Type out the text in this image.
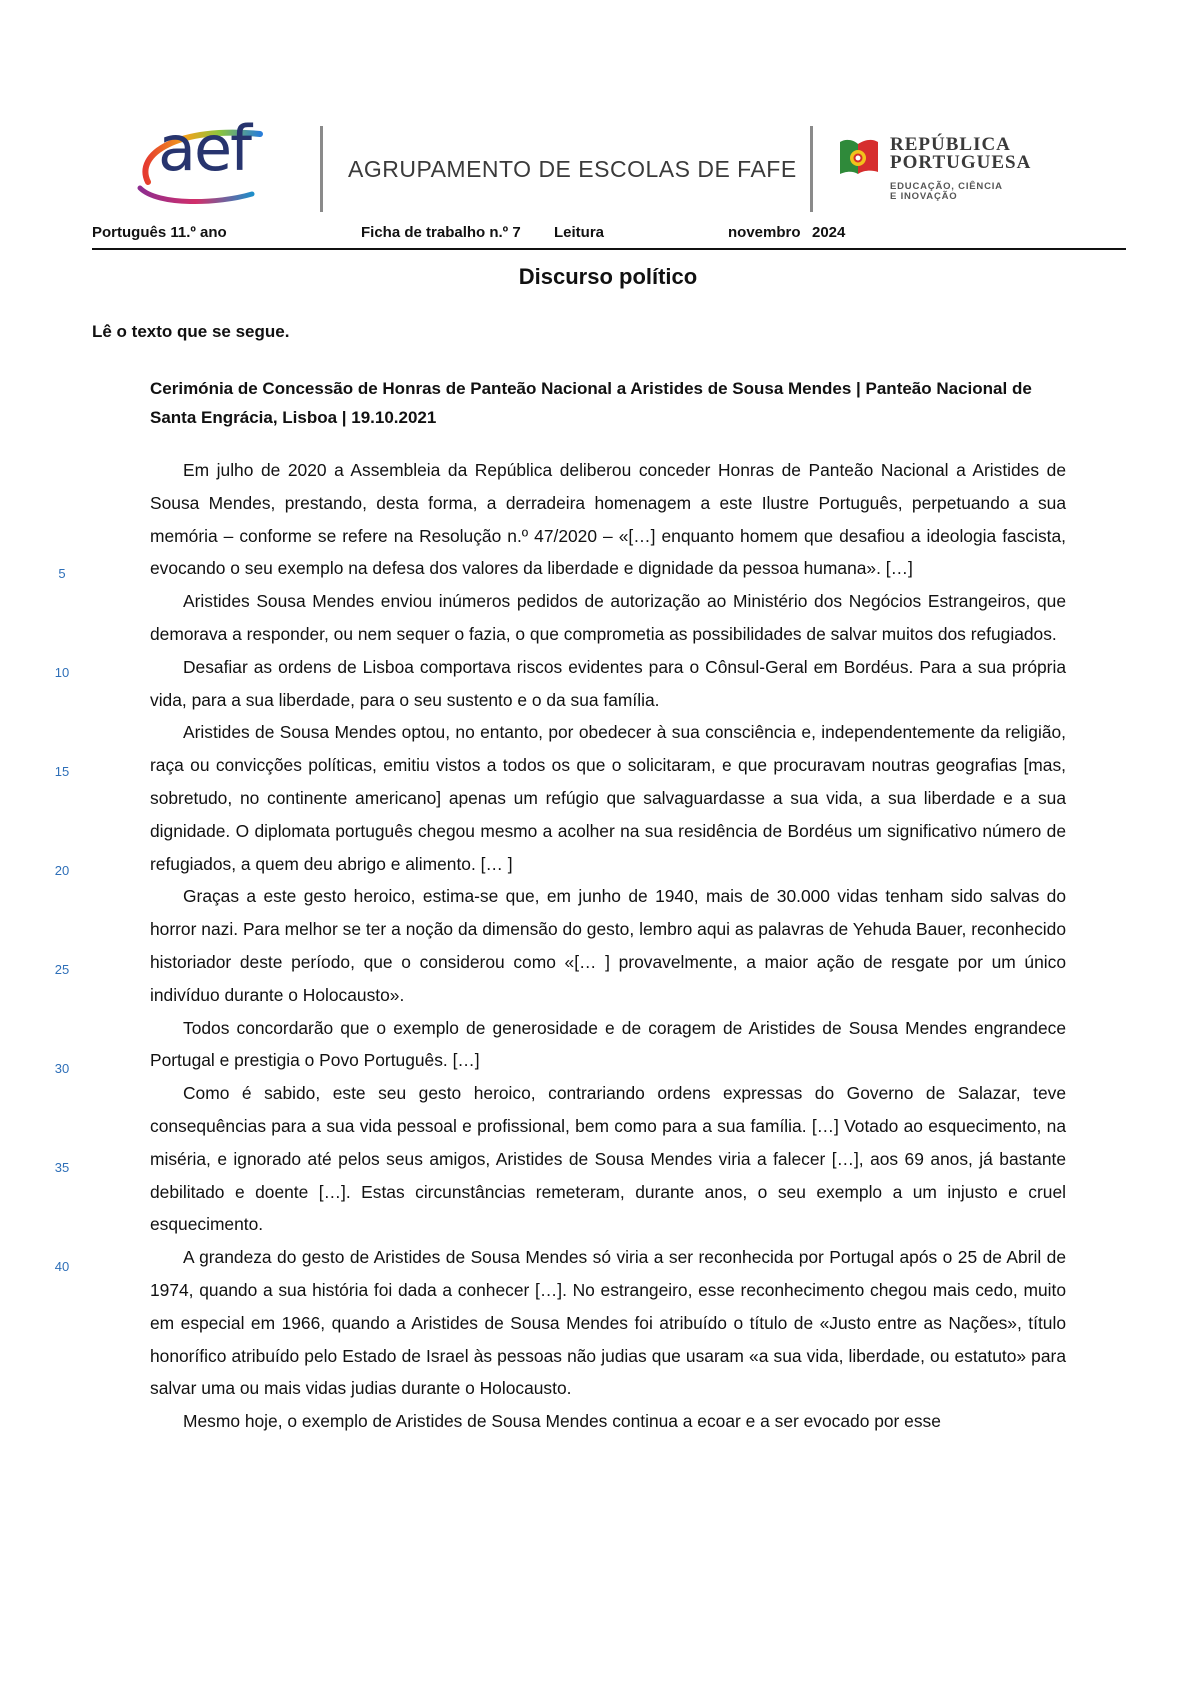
aef	AGRUPAMENTO DE ESCOLAS DE FAFE
REPÚBLICA
PORTUGUESA
EDUCAÇÃO, CIÊNCIA
E INOVAÇÃO
Português 11.º ano	Ficha de trabalho n.º 7 Leitura	novembro 2024
Discurso político
Lê o texto que se segue.
Cerimónia de Concessão de Honras de Panteão Nacional a Aristides de Sousa Mendes | Panteão Nacional de Santa Engrácia, Lisboa | 19.10.2021
5
10
15
20
25
30
35
40

Em julho de 2020 a Assembleia da República deliberou conceder Honras de Panteão Nacional a Aristides de Sousa Mendes, prestando, desta forma, a derradeira homenagem a este Ilustre Português, perpetuando a sua memória – conforme se refere na Resolução n.º 47/2020 – «[…] enquanto homem que desafiou a ideologia fascista, evocando o seu exemplo na defesa dos valores da liberdade e dignidade da pessoa humana». […]

Aristides Sousa Mendes enviou inúmeros pedidos de autorização ao Ministério dos Negócios Estrangeiros, que demorava a responder, ou nem sequer o fazia, o que comprometia as possibilidades de salvar muitos dos refugiados.

Desafiar as ordens de Lisboa comportava riscos evidentes para o Cônsul-Geral em Bordéus. Para a sua própria vida, para a sua liberdade, para o seu sustento e o da sua família.

Aristides de Sousa Mendes optou, no entanto, por obedecer à sua consciência e, independentemente da religião, raça ou convicções políticas, emitiu vistos a todos os que o solicitaram, e que procuravam noutras geografias [mas, sobretudo, no continente americano] apenas um refúgio que salvaguardasse a sua vida, a sua liberdade e a sua dignidade. O diplomata português chegou mesmo a acolher na sua residência de Bordéus um significativo número de refugiados, a quem deu abrigo e alimento. [… ]

Graças a este gesto heroico, estima-se que, em junho de 1940, mais de 30.000 vidas tenham sido salvas do horror nazi. Para melhor se ter a noção da dimensão do gesto, lembro aqui as palavras de Yehuda Bauer, reconhecido historiador deste período, que o considerou como «[… ] provavelmente, a maior ação de resgate por um único indivíduo durante o Holocausto».

Todos concordarão que o exemplo de generosidade e de coragem de Aristides de Sousa Mendes engrandece Portugal e prestigia o Povo Português. […]

Como é sabido, este seu gesto heroico, contrariando ordens expressas do Governo de Salazar, teve consequências para a sua vida pessoal e profissional, bem como para a sua família. […] Votado ao esquecimento, na miséria, e ignorado até pelos seus amigos, Aristides de Sousa Mendes viria a falecer […], aos 69 anos, já bastante debilitado e doente […]. Estas circunstâncias remeteram, durante anos, o seu exemplo a um injusto e cruel esquecimento.

A grandeza do gesto de Aristides de Sousa Mendes só viria a ser reconhecida por Portugal após o 25 de Abril de 1974, quando a sua história foi dada a conhecer […]. No estrangeiro, esse reconhecimento chegou mais cedo, muito em especial em 1966, quando a Aristides de Sousa Mendes foi atribuído o título de «Justo entre as Nações», título honorífico atribuído pelo Estado de Israel às pessoas não judias que usaram «a sua vida, liberdade, ou estatuto» para salvar uma ou mais vidas judias durante o Holocausto.

Mesmo hoje, o exemplo de Aristides de Sousa Mendes continua a ecoar e a ser evocado por esse
